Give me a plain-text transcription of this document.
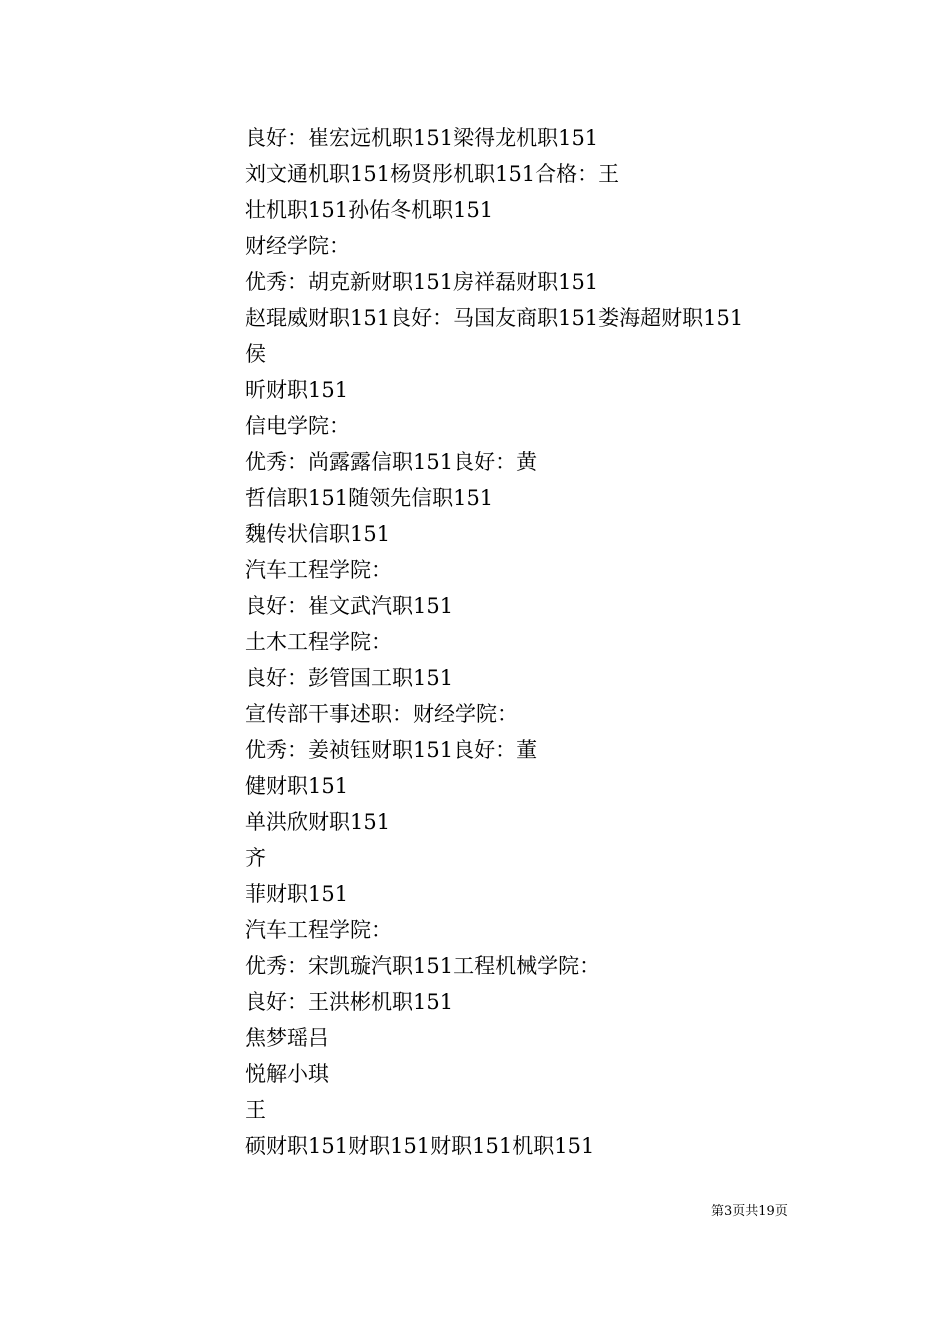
良好：崔宏远机职151梁得龙机职151
刘文通机职151杨贤彤机职151合格：王
壮机职151孙佑冬机职151
财经学院：
优秀：胡克新财职151房祥磊财职151
赵琨威财职151良好：马国友商职151娄海超财职151
侯
昕财职151
信电学院：
优秀：尚露露信职151良好：黄
哲信职151随领先信职151
魏传状信职151
汽车工程学院：
良好：崔文武汽职151
土木工程学院：
良好：彭管国工职151
宣传部干事述职：财经学院：
优秀：姜祯钰财职151良好：董
健财职151
单洪欣财职151
齐
菲财职151
汽车工程学院：
优秀：宋凯璇汽职151工程机械学院：
良好：王洪彬机职151
焦梦瑶吕
悦解小琪
王
硕财职151财职151财职151机职151
第3页共19页
